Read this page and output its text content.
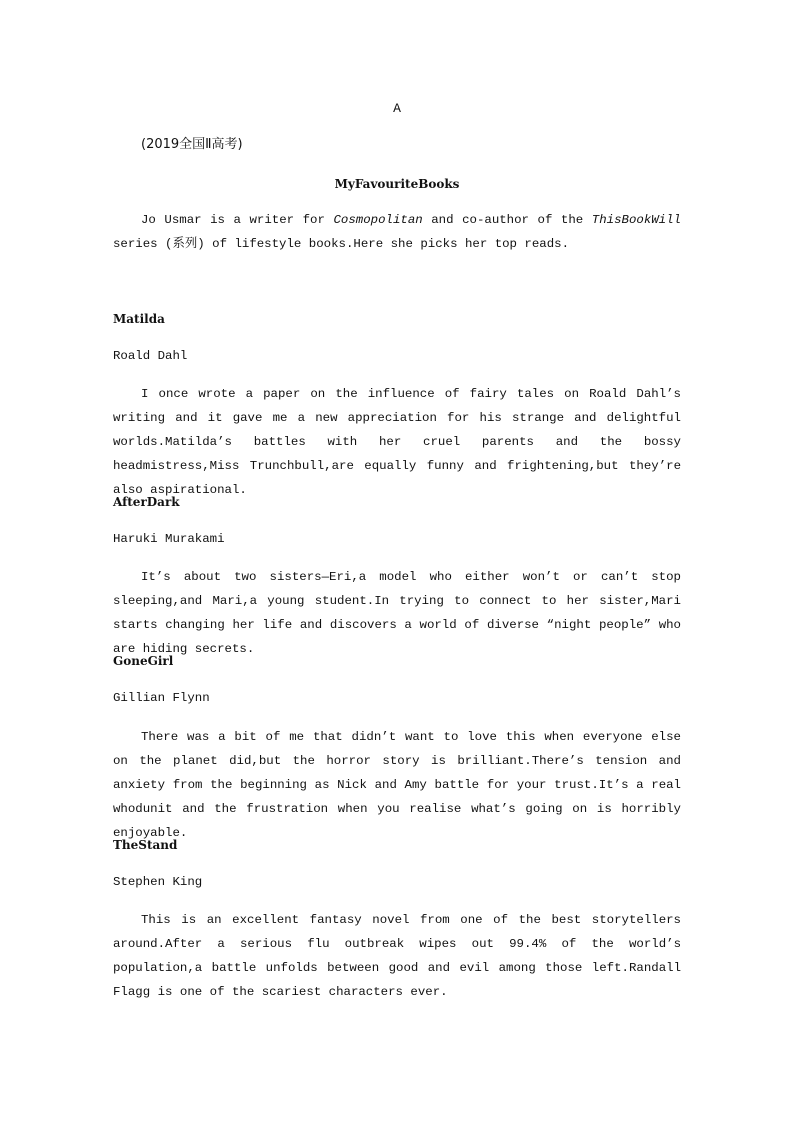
A
(2019全国Ⅱ高考)
MyFavouriteBooks

Jo Usmar is a writer for Cosmopolitan and co-author of the ThisBookWill series (系列) of lifestyle books.Here she picks her top reads.

Matilda
Roald Dahl

I once wrote a paper on the influence of fairy tales on Roald Dahl’s writing and it gave me a new appreciation for his strange and delightful worlds.Matilda’s battles with her cruel parents and the bossy headmistress,Miss Trunchbull,are equally funny and frightening,but they’re also aspirational.

AfterDark
Haruki Murakami

It’s about two sisters—Eri,a model who either won’t or can’t stop sleeping,and Mari,a young student.In trying to connect to her sister,Mari starts changing her life and discovers a world of diverse “night people” who are hiding secrets.

GoneGirl
Gillian Flynn

There was a bit of me that didn’t want to love this when everyone else on the planet did,but the horror story is brilliant.There’s tension and anxiety from the beginning as Nick and Amy battle for your trust.It’s a real whodunit and the frustration when you realise what’s going on is horribly enjoyable.

TheStand
Stephen King

This is an excellent fantasy novel from one of the best storytellers around.After a serious flu outbreak wipes out 99.4% of the world’s population,a battle unfolds between good and evil among those left.Randall Flagg is one of the scariest characters ever.
